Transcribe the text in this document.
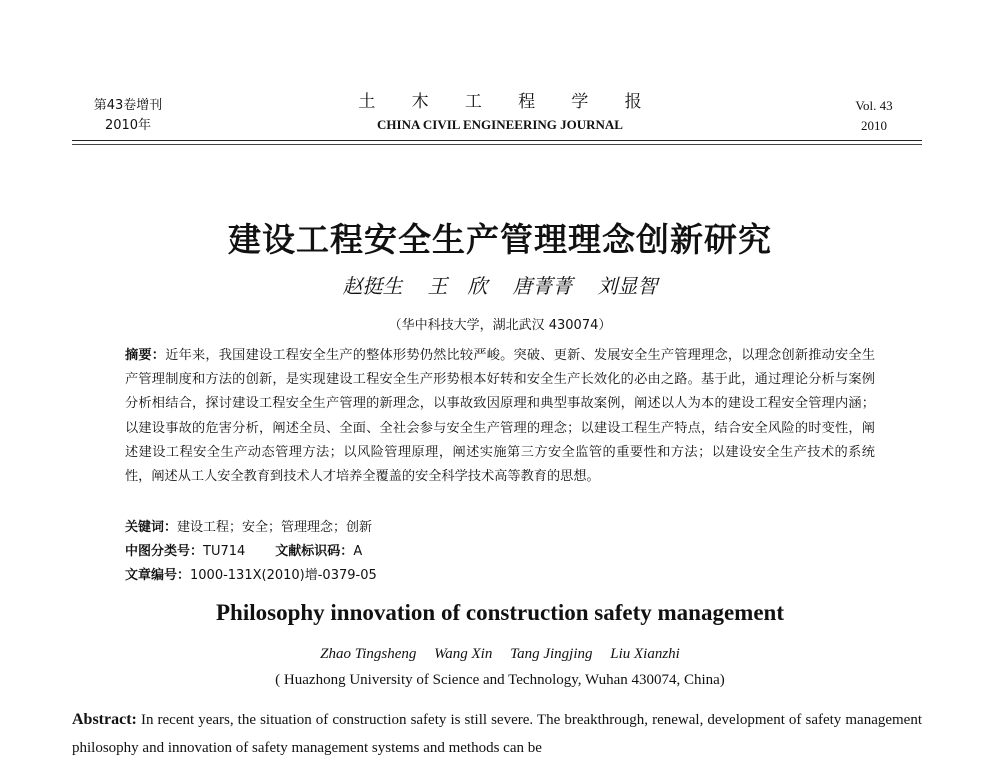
第43卷增刊
2010年
土 木 工 程 学 报
CHINA CIVIL ENGINEERING JOURNAL
Vol. 43
2010
建设工程安全生产管理理念创新研究
赵挺生 王　欣 唐菁菁 刘显智
（华中科技大学，湖北武汉 430074）
摘要：近年来，我国建设工程安全生产的整体形势仍然比较严峻。突破、更新、发展安全生产管理理念，以理念创新推动安全生产管理制度和方法的创新，是实现建设工程安全生产形势根本好转和安全生产长效化的必由之路。基于此，通过理论分析与案例分析相结合，探讨建设工程安全生产管理的新理念，以事故致因原理和典型事故案例，阐述以人为本的建设工程安全管理内涵；以建设事故的危害分析，阐述全员、全面、全社会参与安全生产管理的理念；以建设工程生产特点，结合安全风险的时变性，阐述建设工程安全生产动态管理方法；以风险管理原理，阐述实施第三方安全监管的重要性和方法；以建设安全生产技术的系统性，阐述从工人安全教育到技术人才培养全覆盖的安全科学技术高等教育的思想。
关键词：建设工程；安全；管理理念；创新
中图分类号：TU714 文献标识码：A
文章编号：1000-131X(2010)增-0379-05
Philosophy innovation of construction safety management
Zhao Tingsheng Wang Xin Tang Jingjing Liu Xianzhi
( Huazhong University of Science and Technology, Wuhan 430074, China)
Abstract: In recent years, the situation of construction safety is still severe. The breakthrough, renewal, development of safety management philosophy and innovation of safety management systems and methods can be
